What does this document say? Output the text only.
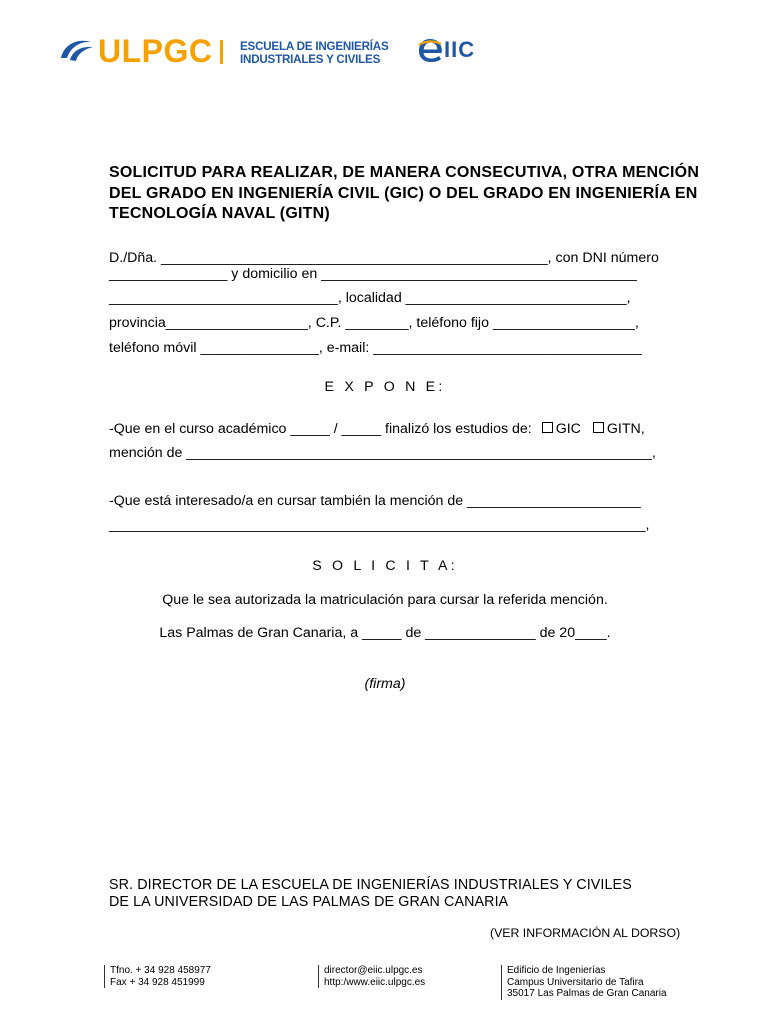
ULPGC ESCUELA DE INGENIERÍAS
INDUSTRIALES Y CIVILES	IIC
SOLICITUD PARA REALIZAR, DE MANERA CONSECUTIVA, OTRA MENCIÓN DEL GRADO EN INGENIERÍA CIVIL (GIC) O DEL GRADO EN INGENIERÍA EN TECNOLOGÍA NAVAL (GITN)
D./Dña. _________________________________________________, con DNI número
_______________ y domicilio en ________________________________________
_____________________________, localidad ____________________________,
provincia__________________, C.P. ________, teléfono fijo __________________,
teléfono móvil _______________, e-mail: __________________________________
E X P O N E:
-Que en el curso académico _____ / _____ finalizó los estudios de: GIC GITN,
mención de ___________________________________________________________,
-Que está interesado/a en cursar también la mención de ______________________
____________________________________________________________________,
S O L I C I T A:
Que le sea autorizada la matriculación para cursar la referida mención.
Las Palmas de Gran Canaria, a _____ de ______________ de 20____.
(firma)
SR. DIRECTOR DE LA ESCUELA DE INGENIERÍAS INDUSTRIALES Y CIVILES
DE LA UNIVERSIDAD DE LAS PALMAS DE GRAN CANARIA
(VER INFORMACIÓN AL DORSO)
Tfno. + 34 928 458977
Fax + 34 928 451999
director@eiic.ulpgc.es
http:/www.eiic.ulpgc.es
Edificio de Ingenierías
Campus Universitario de Tafira
35017 Las Palmas de Gran Canaria
